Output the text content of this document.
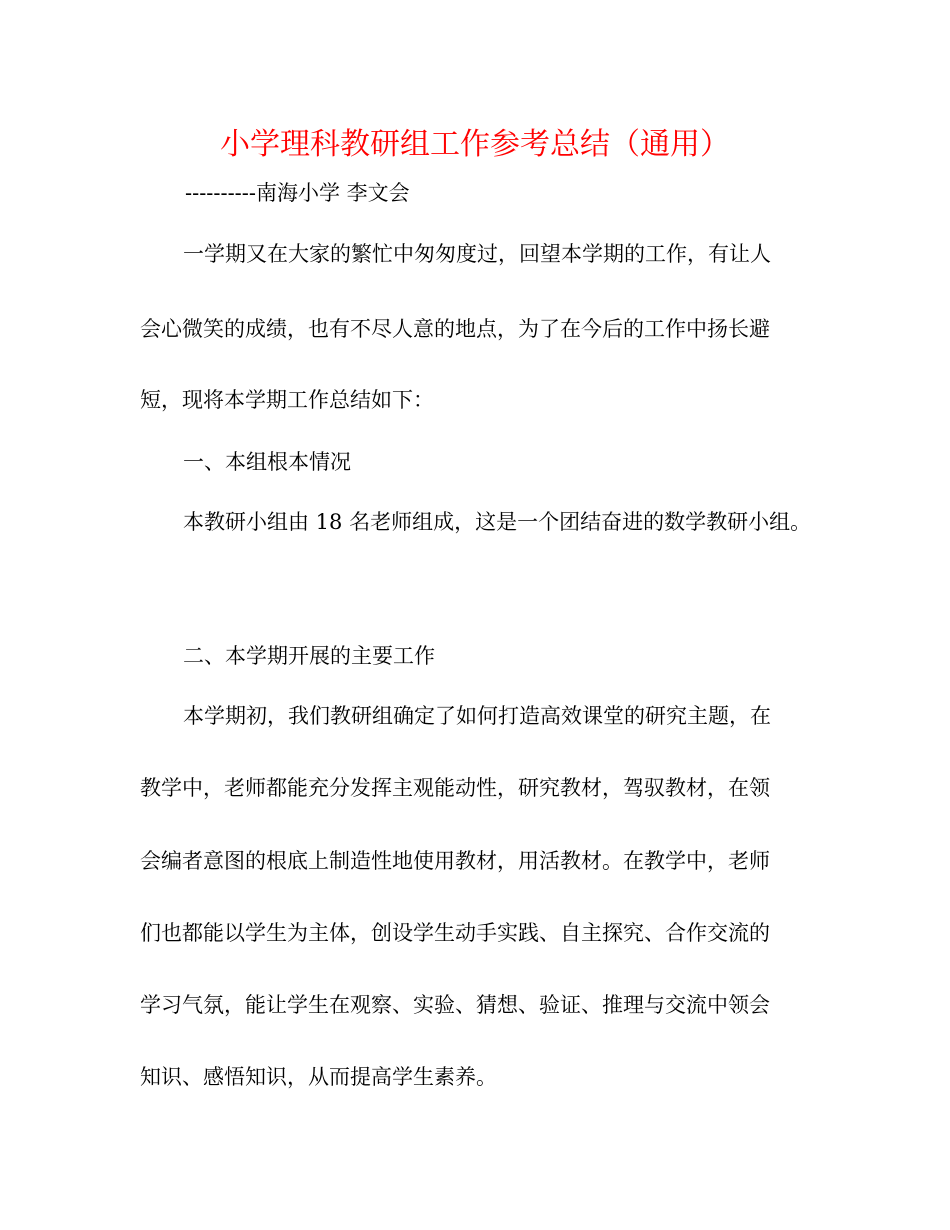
小学理科教研组工作参考总结（通用）
----------南海小学 李文会
一学期又在大家的繁忙中匆匆度过，回望本学期的工作，有让人
会心微笑的成绩，也有不尽人意的地点，为了在今后的工作中扬长避
短，现将本学期工作总结如下：
一、本组根本情况
本教研小组由 18 名老师组成，这是一个团结奋进的数学教研小组。
二、本学期开展的主要工作
本学期初，我们教研组确定了如何打造高效课堂的研究主题，在
教学中，老师都能充分发挥主观能动性，研究教材，驾驭教材，在领
会编者意图的根底上制造性地使用教材，用活教材。在教学中，老师
们也都能以学生为主体，创设学生动手实践、自主探究、合作交流的
学习气氛，能让学生在观察、实验、猜想、验证、推理与交流中领会
知识、感悟知识，从而提高学生素养。
